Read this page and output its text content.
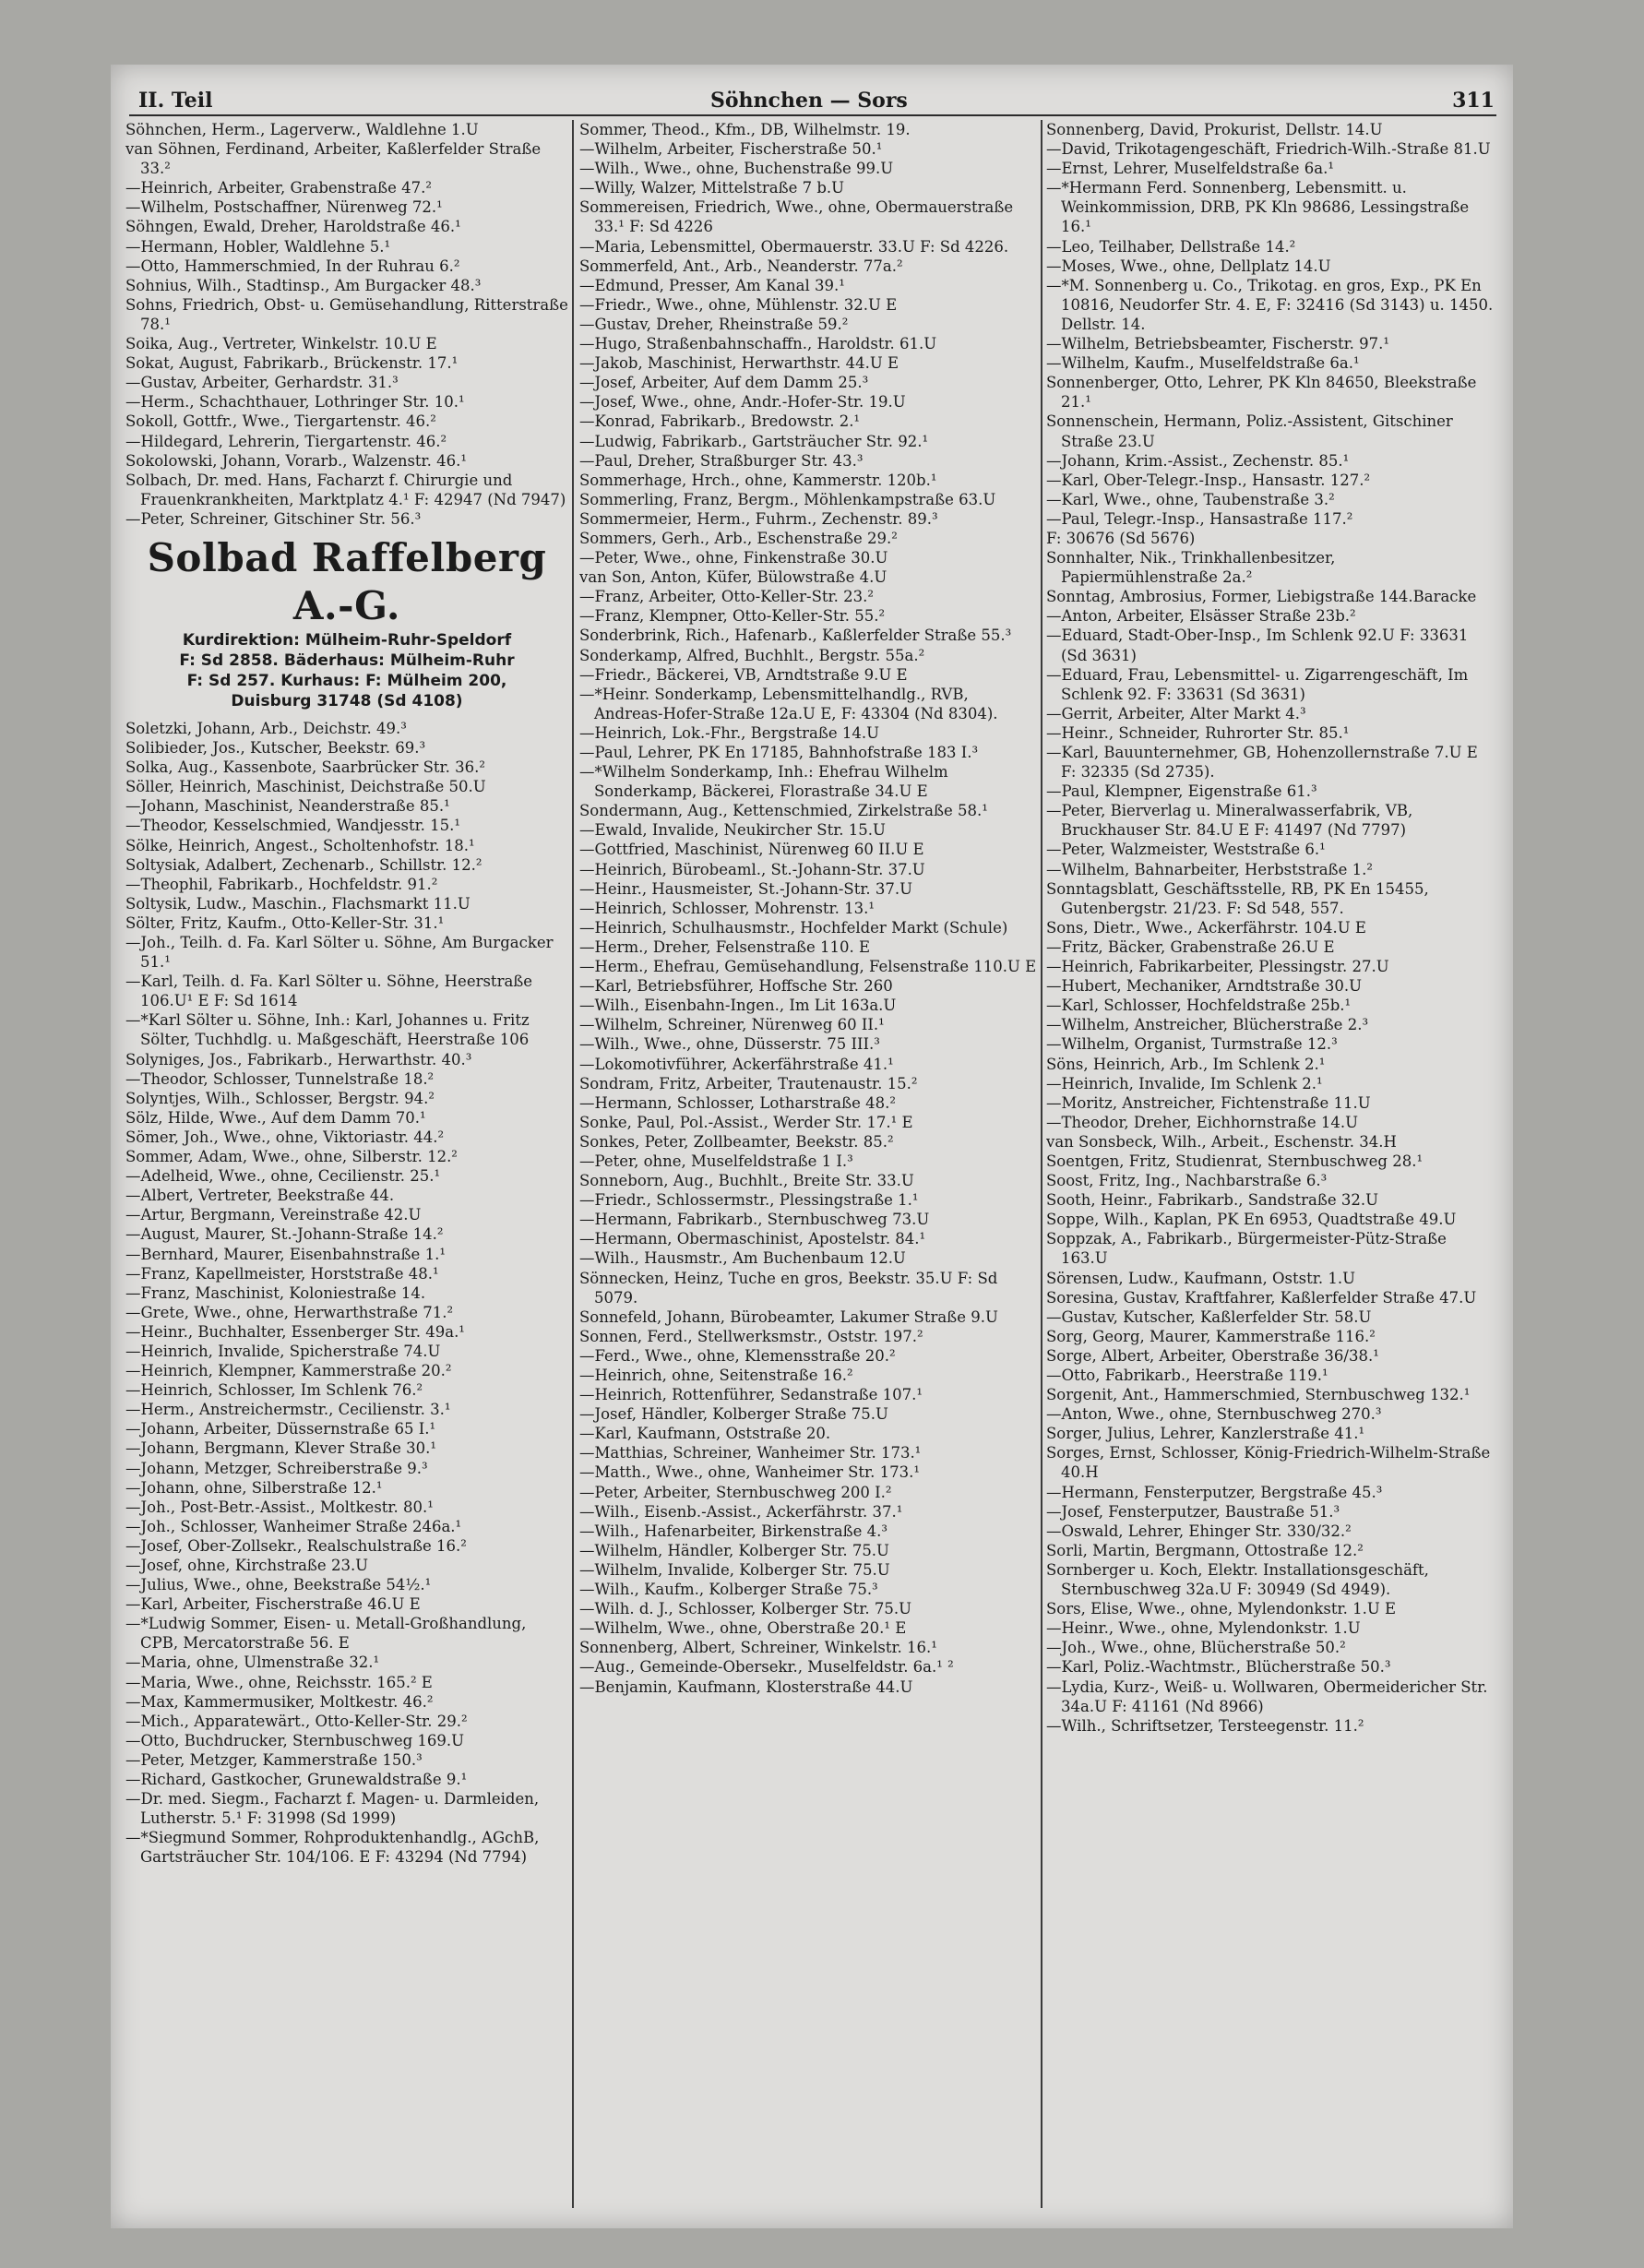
II. Teil	Söhnchen — Sors	311

Söhnchen, Herm., Lagerverw., Waldlehne 1.U

van Söhnen, Ferdinand, Arbeiter, Kaßlerfelder Straße 33.²

—Heinrich, Arbeiter, Grabenstraße 47.²

—Wilhelm, Postschaffner, Nürenweg 72.¹

Söhngen, Ewald, Dreher, Haroldstraße 46.¹

—Hermann, Hobler, Waldlehne 5.¹

—Otto, Hammerschmied, In der Ruhrau 6.²

Sohnius, Wilh., Stadtinsp., Am Burgacker 48.³

Sohns, Friedrich, Obst- u. Gemüsehandlung, Ritterstraße 78.¹

Soika, Aug., Vertreter, Winkelstr. 10.U E

Sokat, August, Fabrikarb., Brückenstr. 17.¹

—Gustav, Arbeiter, Gerhardstr. 31.³

—Herm., Schachthauer, Lothringer Str. 10.¹

Sokoll, Gottfr., Wwe., Tiergartenstr. 46.²

—Hildegard, Lehrerin, Tiergartenstr. 46.²

Sokolowski, Johann, Vorarb., Walzenstr. 46.¹

Solbach, Dr. med. Hans, Facharzt f. Chirurgie und Frauenkrankheiten, Marktplatz 4.¹ F: 42947 (Nd 7947)

—Peter, Schreiner, Gitschiner Str. 56.³

Solbad Raffelberg A.-G.
Kurdirektion: Mülheim-Ruhr-Speldorf
F: Sd 2858. Bäderhaus: Mülheim-Ruhr
F: Sd 257. Kurhaus: F: Mülheim 200,
Duisburg 31748 (Sd 4108)

Soletzki, Johann, Arb., Deichstr. 49.³

Solibieder, Jos., Kutscher, Beekstr. 69.³

Solka, Aug., Kassenbote, Saarbrücker Str. 36.²

Söller, Heinrich, Maschinist, Deichstraße 50.U

—Johann, Maschinist, Neanderstraße 85.¹

—Theodor, Kesselschmied, Wandjesstr. 15.¹

Sölke, Heinrich, Angest., Scholtenhofstr. 18.¹

Soltysiak, Adalbert, Zechenarb., Schillstr. 12.²

—Theophil, Fabrikarb., Hochfeldstr. 91.²

Soltysik, Ludw., Maschin., Flachsmarkt 11.U

Sölter, Fritz, Kaufm., Otto-Keller-Str. 31.¹

—Joh., Teilh. d. Fa. Karl Sölter u. Söhne, Am Burgacker 51.¹

—Karl, Teilh. d. Fa. Karl Sölter u. Söhne, Heerstraße 106.U¹ E F: Sd 1614

—*Karl Sölter u. Söhne, Inh.: Karl, Johannes u. Fritz Sölter, Tuchhdlg. u. Maßgeschäft, Heerstraße 106

Solyniges, Jos., Fabrikarb., Herwarthstr. 40.³

—Theodor, Schlosser, Tunnelstraße 18.²

Solyntjes, Wilh., Schlosser, Bergstr. 94.²

Sölz, Hilde, Wwe., Auf dem Damm 70.¹

Sömer, Joh., Wwe., ohne, Viktoriastr. 44.²

Sommer, Adam, Wwe., ohne, Silberstr. 12.²

—Adelheid, Wwe., ohne, Cecilienstr. 25.¹

—Albert, Vertreter, Beekstraße 44.

—Artur, Bergmann, Vereinstraße 42.U

—August, Maurer, St.-Johann-Straße 14.²

—Bernhard, Maurer, Eisenbahnstraße 1.¹

—Franz, Kapellmeister, Horststraße 48.¹

—Franz, Maschinist, Koloniestraße 14.

—Grete, Wwe., ohne, Herwarthstraße 71.²

—Heinr., Buchhalter, Essenberger Str. 49a.¹

—Heinrich, Invalide, Spicherstraße 74.U

—Heinrich, Klempner, Kammerstraße 20.²

—Heinrich, Schlosser, Im Schlenk 76.²

—Herm., Anstreichermstr., Cecilienstr. 3.¹

—Johann, Arbeiter, Düssernstraße 65 I.¹

—Johann, Bergmann, Klever Straße 30.¹

—Johann, Metzger, Schreiberstraße 9.³

—Johann, ohne, Silberstraße 12.¹

—Joh., Post-Betr.-Assist., Moltkestr. 80.¹

—Joh., Schlosser, Wanheimer Straße 246a.¹

—Josef, Ober-Zollsekr., Realschulstraße 16.²

—Josef, ohne, Kirchstraße 23.U

—Julius, Wwe., ohne, Beekstraße 54½.¹

—Karl, Arbeiter, Fischerstraße 46.U E

—*Ludwig Sommer, Eisen- u. Metall-Großhandlung, CPB, Mercatorstraße 56. E

—Maria, ohne, Ulmenstraße 32.¹

—Maria, Wwe., ohne, Reichsstr. 165.² E

—Max, Kammermusiker, Moltkestr. 46.²

—Mich., Apparatewärt., Otto-Keller-Str. 29.²

—Otto, Buchdrucker, Sternbuschweg 169.U

—Peter, Metzger, Kammerstraße 150.³

—Richard, Gastkocher, Grunewaldstraße 9.¹

—Dr. med. Siegm., Facharzt f. Magen- u. Darmleiden, Lutherstr. 5.¹ F: 31998 (Sd 1999)

—*Siegmund Sommer, Rohproduktenhandlg., AGchB, Gartsträucher Str. 104/106. E F: 43294 (Nd 7794)

Sommer, Theod., Kfm., DB, Wilhelmstr. 19.

—Wilhelm, Arbeiter, Fischerstraße 50.¹

—Wilh., Wwe., ohne, Buchenstraße 99.U

—Willy, Walzer, Mittelstraße 7 b.U

Sommereisen, Friedrich, Wwe., ohne, Obermauerstraße 33.¹ F: Sd 4226

—Maria, Lebensmittel, Obermauerstr. 33.U F: Sd 4226.

Sommerfeld, Ant., Arb., Neanderstr. 77a.²

—Edmund, Presser, Am Kanal 39.¹

—Friedr., Wwe., ohne, Mühlenstr. 32.U E

—Gustav, Dreher, Rheinstraße 59.²

—Hugo, Straßenbahnschaffn., Haroldstr. 61.U

—Jakob, Maschinist, Herwarthstr. 44.U E

—Josef, Arbeiter, Auf dem Damm 25.³

—Josef, Wwe., ohne, Andr.-Hofer-Str. 19.U

—Konrad, Fabrikarb., Bredowstr. 2.¹

—Ludwig, Fabrikarb., Gartsträucher Str. 92.¹

—Paul, Dreher, Straßburger Str. 43.³

Sommerhage, Hrch., ohne, Kammerstr. 120b.¹

Sommerling, Franz, Bergm., Möhlenkampstraße 63.U

Sommermeier, Herm., Fuhrm., Zechenstr. 89.³

Sommers, Gerh., Arb., Eschenstraße 29.²

—Peter, Wwe., ohne, Finkenstraße 30.U

van Son, Anton, Küfer, Bülowstraße 4.U

—Franz, Arbeiter, Otto-Keller-Str. 23.²

—Franz, Klempner, Otto-Keller-Str. 55.²

Sonderbrink, Rich., Hafenarb., Kaßlerfelder Straße 55.³

Sonderkamp, Alfred, Buchhlt., Bergstr. 55a.²

—Friedr., Bäckerei, VB, Arndtstraße 9.U E

—*Heinr. Sonderkamp, Lebensmittelhandlg., RVB, Andreas-Hofer-Straße 12a.U E, F: 43304 (Nd 8304).

—Heinrich, Lok.-Fhr., Bergstraße 14.U

—Paul, Lehrer, PK En 17185, Bahnhofstraße 183 I.³

—*Wilhelm Sonderkamp, Inh.: Ehefrau Wilhelm Sonderkamp, Bäckerei, Florastraße 34.U E

Sondermann, Aug., Kettenschmied, Zirkelstraße 58.¹

—Ewald, Invalide, Neukircher Str. 15.U

—Gottfried, Maschinist, Nürenweg 60 II.U E

—Heinrich, Bürobeaml., St.-Johann-Str. 37.U

—Heinr., Hausmeister, St.-Johann-Str. 37.U

—Heinrich, Schlosser, Mohrenstr. 13.¹

—Heinrich, Schulhausmstr., Hochfelder Markt (Schule)

—Herm., Dreher, Felsenstraße 110. E

—Herm., Ehefrau, Gemüsehandlung, Felsenstraße 110.U E

—Karl, Betriebsführer, Hoffsche Str. 260

—Wilh., Eisenbahn-Ingen., Im Lit 163a.U

—Wilhelm, Schreiner, Nürenweg 60 II.¹

—Wilh., Wwe., ohne, Düsserstr. 75 III.³

—Lokomotivführer, Ackerfährstraße 41.¹

Sondram, Fritz, Arbeiter, Trautenaustr. 15.²

—Hermann, Schlosser, Lotharstraße 48.²

Sonke, Paul, Pol.-Assist., Werder Str. 17.¹ E

Sonkes, Peter, Zollbeamter, Beekstr. 85.²

—Peter, ohne, Muselfeldstraße 1 I.³

Sonneborn, Aug., Buchhlt., Breite Str. 33.U

—Friedr., Schlossermstr., Plessingstraße 1.¹

—Hermann, Fabrikarb., Sternbuschweg 73.U

—Hermann, Obermaschinist, Apostelstr. 84.¹

—Wilh., Hausmstr., Am Buchenbaum 12.U

Sönnecken, Heinz, Tuche en gros, Beekstr. 35.U F: Sd 5079.

Sonnefeld, Johann, Bürobeamter, Lakumer Straße 9.U

Sonnen, Ferd., Stellwerksmstr., Oststr. 197.²

—Ferd., Wwe., ohne, Klemensstraße 20.²

—Heinrich, ohne, Seitenstraße 16.²

—Heinrich, Rottenführer, Sedanstraße 107.¹

—Josef, Händler, Kolberger Straße 75.U

—Karl, Kaufmann, Oststraße 20.

—Matthias, Schreiner, Wanheimer Str. 173.¹

—Matth., Wwe., ohne, Wanheimer Str. 173.¹

—Peter, Arbeiter, Sternbuschweg 200 I.²

—Wilh., Eisenb.-Assist., Ackerfährstr. 37.¹

—Wilh., Hafenarbeiter, Birkenstraße 4.³

—Wilhelm, Händler, Kolberger Str. 75.U

—Wilhelm, Invalide, Kolberger Str. 75.U

—Wilh., Kaufm., Kolberger Straße 75.³

—Wilh. d. J., Schlosser, Kolberger Str. 75.U

—Wilhelm, Wwe., ohne, Oberstraße 20.¹ E

Sonnenberg, Albert, Schreiner, Winkelstr. 16.¹

—Aug., Gemeinde-Obersekr., Muselfeldstr. 6a.¹ ²

—Benjamin, Kaufmann, Klosterstraße 44.U

Sonnenberg, David, Prokurist, Dellstr. 14.U

—David, Trikotagengeschäft, Friedrich-Wilh.-Straße 81.U

—Ernst, Lehrer, Muselfeldstraße 6a.¹

—*Hermann Ferd. Sonnenberg, Lebensmitt. u. Weinkommission, DRB, PK Kln 98686, Lessingstraße 16.¹

—Leo, Teilhaber, Dellstraße 14.²

—Moses, Wwe., ohne, Dellplatz 14.U

—*M. Sonnenberg u. Co., Trikotag. en gros, Exp., PK En 10816, Neudorfer Str. 4. E, F: 32416 (Sd 3143) u. 1450. Dellstr. 14.

—Wilhelm, Betriebsbeamter, Fischerstr. 97.¹

—Wilhelm, Kaufm., Muselfeldstraße 6a.¹

Sonnenberger, Otto, Lehrer, PK Kln 84650, Bleekstraße 21.¹

Sonnenschein, Hermann, Poliz.-Assistent, Gitschiner Straße 23.U

—Johann, Krim.-Assist., Zechenstr. 85.¹

—Karl, Ober-Telegr.-Insp., Hansastr. 127.²

—Karl, Wwe., ohne, Taubenstraße 3.²

—Paul, Telegr.-Insp., Hansastraße 117.²

F: 30676 (Sd 5676)

Sonnhalter, Nik., Trinkhallenbesitzer, Papiermühlenstraße 2a.²

Sonntag, Ambrosius, Former, Liebigstraße 144.Baracke

—Anton, Arbeiter, Elsässer Straße 23b.²

—Eduard, Stadt-Ober-Insp., Im Schlenk 92.U F: 33631 (Sd 3631)

—Eduard, Frau, Lebensmittel- u. Zigarrengeschäft, Im Schlenk 92. F: 33631 (Sd 3631)

—Gerrit, Arbeiter, Alter Markt 4.³

—Heinr., Schneider, Ruhrorter Str. 85.¹

—Karl, Bauunternehmer, GB, Hohenzollernstraße 7.U E F: 32335 (Sd 2735).

—Paul, Klempner, Eigenstraße 61.³

—Peter, Bierverlag u. Mineralwasserfabrik, VB, Bruckhauser Str. 84.U E F: 41497 (Nd 7797)

—Peter, Walzmeister, Weststraße 6.¹

—Wilhelm, Bahnarbeiter, Herbststraße 1.²

Sonntagsblatt, Geschäftsstelle, RB, PK En 15455, Gutenbergstr. 21/23. F: Sd 548, 557.

Sons, Dietr., Wwe., Ackerfährstr. 104.U E

—Fritz, Bäcker, Grabenstraße 26.U E

—Heinrich, Fabrikarbeiter, Plessingstr. 27.U

—Hubert, Mechaniker, Arndtstraße 30.U

—Karl, Schlosser, Hochfeldstraße 25b.¹

—Wilhelm, Anstreicher, Blücherstraße 2.³

—Wilhelm, Organist, Turmstraße 12.³

Söns, Heinrich, Arb., Im Schlenk 2.¹

—Heinrich, Invalide, Im Schlenk 2.¹

—Moritz, Anstreicher, Fichtenstraße 11.U

—Theodor, Dreher, Eichhornstraße 14.U

van Sonsbeck, Wilh., Arbeit., Eschenstr. 34.H

Soentgen, Fritz, Studienrat, Sternbuschweg 28.¹

Soost, Fritz, Ing., Nachbarstraße 6.³

Sooth, Heinr., Fabrikarb., Sandstraße 32.U

Soppe, Wilh., Kaplan, PK En 6953, Quadtstraße 49.U

Soppzak, A., Fabrikarb., Bürgermeister-Pütz-Straße 163.U

Sörensen, Ludw., Kaufmann, Oststr. 1.U

Soresina, Gustav, Kraftfahrer, Kaßlerfelder Straße 47.U

—Gustav, Kutscher, Kaßlerfelder Str. 58.U

Sorg, Georg, Maurer, Kammerstraße 116.²

Sorge, Albert, Arbeiter, Oberstraße 36/38.¹

—Otto, Fabrikarb., Heerstraße 119.¹

Sorgenit, Ant., Hammerschmied, Sternbuschweg 132.¹

—Anton, Wwe., ohne, Sternbuschweg 270.³

Sorger, Julius, Lehrer, Kanzlerstraße 41.¹

Sorges, Ernst, Schlosser, König-Friedrich-Wilhelm-Straße 40.H

—Hermann, Fensterputzer, Bergstraße 45.³

—Josef, Fensterputzer, Baustraße 51.³

—Oswald, Lehrer, Ehinger Str. 330/32.²

Sorli, Martin, Bergmann, Ottostraße 12.²

Sornberger u. Koch, Elektr. Installationsgeschäft, Sternbuschweg 32a.U F: 30949 (Sd 4949).

Sors, Elise, Wwe., ohne, Mylendonkstr. 1.U E

—Heinr., Wwe., ohne, Mylendonkstr. 1.U

—Joh., Wwe., ohne, Blücherstraße 50.²

—Karl, Poliz.-Wachtmstr., Blücherstraße 50.³

—Lydia, Kurz-, Weiß- u. Wollwaren, Obermeidericher Str. 34a.U F: 41161 (Nd 8966)

—Wilh., Schriftsetzer, Tersteegenstr. 11.²
